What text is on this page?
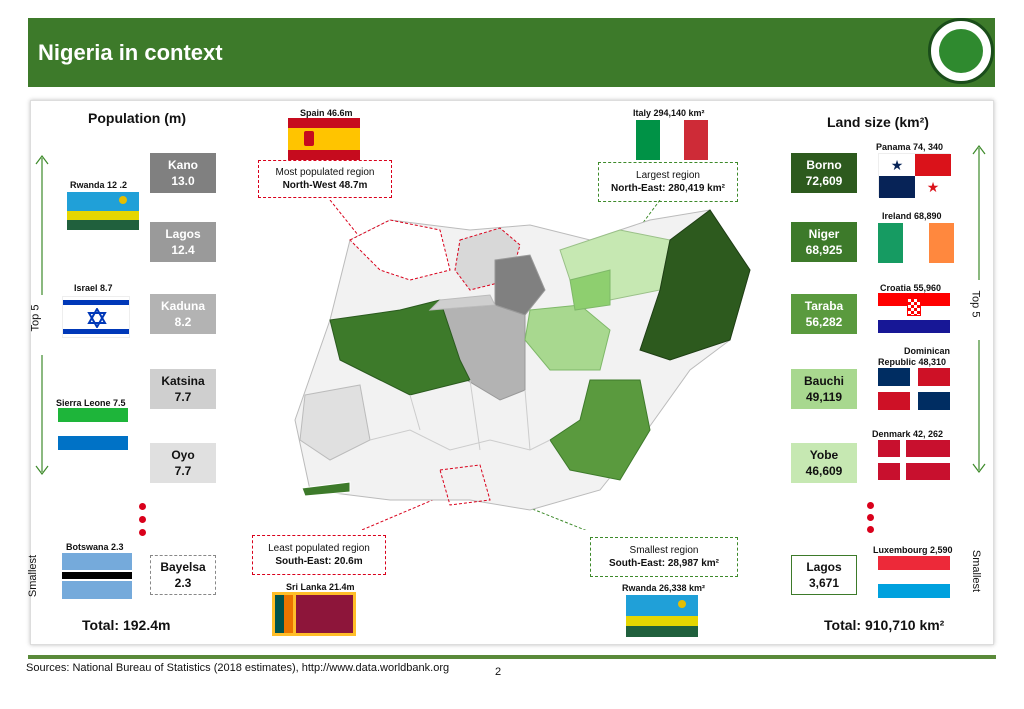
Nigeria in context
Population (m)
Top 5
Smallest
Kano
13.0
Lagos
12.4
Kaduna
8.2
Katsina
7.7
Oyo
7.7
Bayelsa
2.3
Rwanda 12 .2
Israel 8.7
Sierra Leone 7.5
Botswana 2.3
Total: 192.4m
Land size (km²)
Top 5
Smallest
Borno
72,609
Niger
68,925
Taraba
56,282
Bauchi
49,119
Yobe
46,609
Lagos
3,671
Panama 74, 340
★
★
Ireland 68,890
Croatia 55,960
Dominican
Republic 48,310
Denmark 42, 262
Luxembourg 2,590
Total: 910,710 km²
Spain 46.6m	Italy 294,140 km²
Most populated region
North-West 48.7m
Largest region
North-East: 280,419 km²
Least populated region
South-East: 20.6m
Smallest region
South-East: 28,987 km²
Sri Lanka 21.4m	Rwanda 26,338 km²
Sources: National Bureau of Statistics (2018 estimates), http://www.data.worldbank.org	2
